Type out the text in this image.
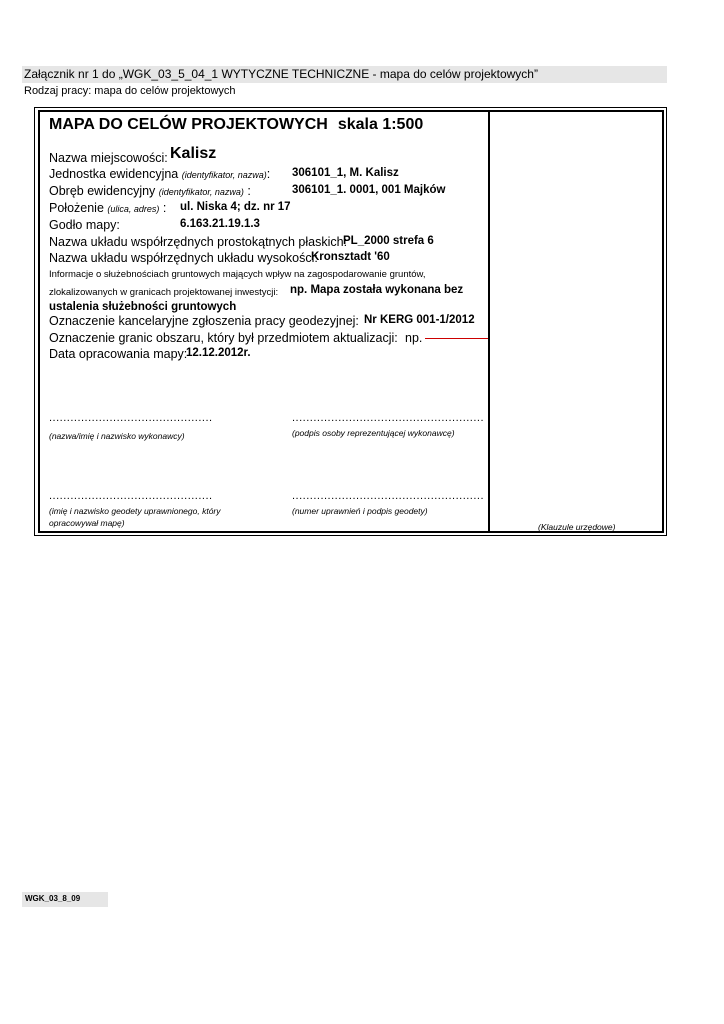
Załącznik nr 1 do „WGK_03_5_04_1 WYTYCZNE TECHNICZNE - mapa do celów projektowych”
Rodzaj pracy: mapa do celów projektowych
MAPA DO CELÓW PROJEKTOWYCH skala 1:500
Nazwa miejscowości: Kalisz
Jednostka ewidencyjna (identyfikator, nazwa): 306101_1, M. Kalisz
Obręb ewidencyjny (identyfikator, nazwa) :	306101_1. 0001, 001 Majków
Położenie (ulica, adres) : ul. Niska 4; dz. nr 17
Godło mapy:	6.163.21.19.1.3
Nazwa układu współrzędnych prostokątnych płaskich:
PL_2000 strefa 6
Nazwa układu współrzędnych układu wysokości:
Kronsztadt '60
Informacje o służebnościach gruntowych mających wpływ na zagospodarowanie gruntów,
zlokalizowanych w granicach projektowanej inwestycji: np. Mapa została wykonana bez
ustalenia służebności gruntowych
Oznaczenie kancelaryjne zgłoszenia pracy geodezyjnej: Nr KERG 001-1/2012
Oznaczenie granic obszaru, który był przedmiotem aktualizacji: np.
Data opracowania mapy:
12.12.2012r.
..............................................	......................................................
(nazwa/imię i nazwisko wykonawcy)	(podpis osoby reprezentującej wykonawcę)
..............................................	......................................................
(imię i nazwisko geodety uprawnionego, który
opracowywał mapę)
(numer uprawnień i podpis geodety)
(Klauzule urzędowe)
WGK_03_8_09
